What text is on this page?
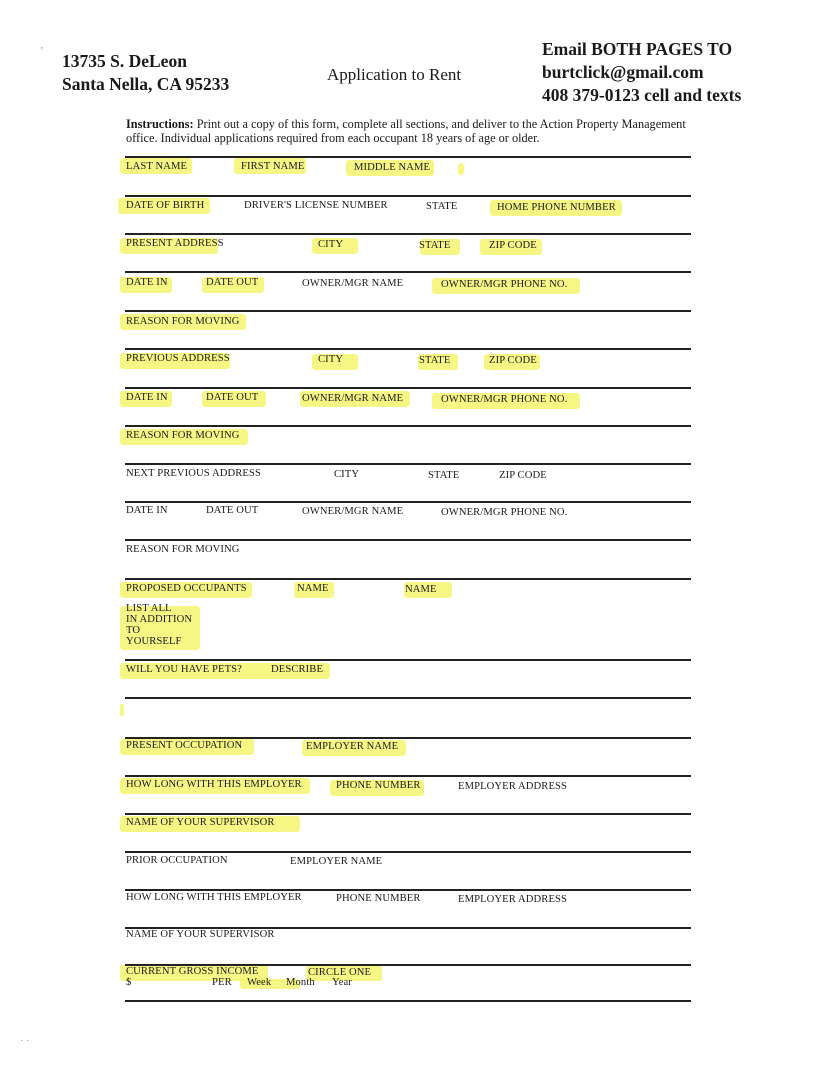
ʼ 13735 S. DeLeon
Santa Nella, CA 95233	Application to Rent
Email BOTH PAGES TO
burtclick@gmail.com
408 379-0123 cell and texts
Instructions: Print out a copy of this form, complete all sections, and deliver to the Action Property Management office. Individual applications required from each occupant 18 years of age or older.
LAST NAME	FIRST NAME	MIDDLE NAME
DATE OF BIRTH	DRIVER'S LICENSE NUMBER	STATE	HOME PHONE NUMBER
PRESENT ADDRESS	CITY	STATE	ZIP CODE
DATE IN	DATE OUT	OWNER/MGR NAME	OWNER/MGR PHONE NO.
REASON FOR MOVING
PREVIOUS ADDRESS	CITY	STATE	ZIP CODE
DATE IN	DATE OUT	OWNER/MGR NAME	OWNER/MGR PHONE NO.
REASON FOR MOVING
NEXT PREVIOUS ADDRESS	CITY	STATE	ZIP CODE
DATE IN	DATE OUT	OWNER/MGR NAME	OWNER/MGR PHONE NO.
REASON FOR MOVING
PROPOSED OCCUPANTS	NAME	NAME
LIST ALL
IN ADDITION
TO
YOURSELF
WILL YOU HAVE PETS?	DESCRIBE
PRESENT OCCUPATION	EMPLOYER NAME
HOW LONG WITH THIS EMPLOYER	PHONE NUMBER	EMPLOYER ADDRESS
NAME OF YOUR SUPERVISOR
PRIOR OCCUPATION	EMPLOYER NAME
HOW LONG WITH THIS EMPLOYER	PHONE NUMBER	EMPLOYER ADDRESS
NAME OF YOUR SUPERVISOR
CURRENT GROSS INCOME	CIRCLE ONE
$	PER Week Month Year
· ·
